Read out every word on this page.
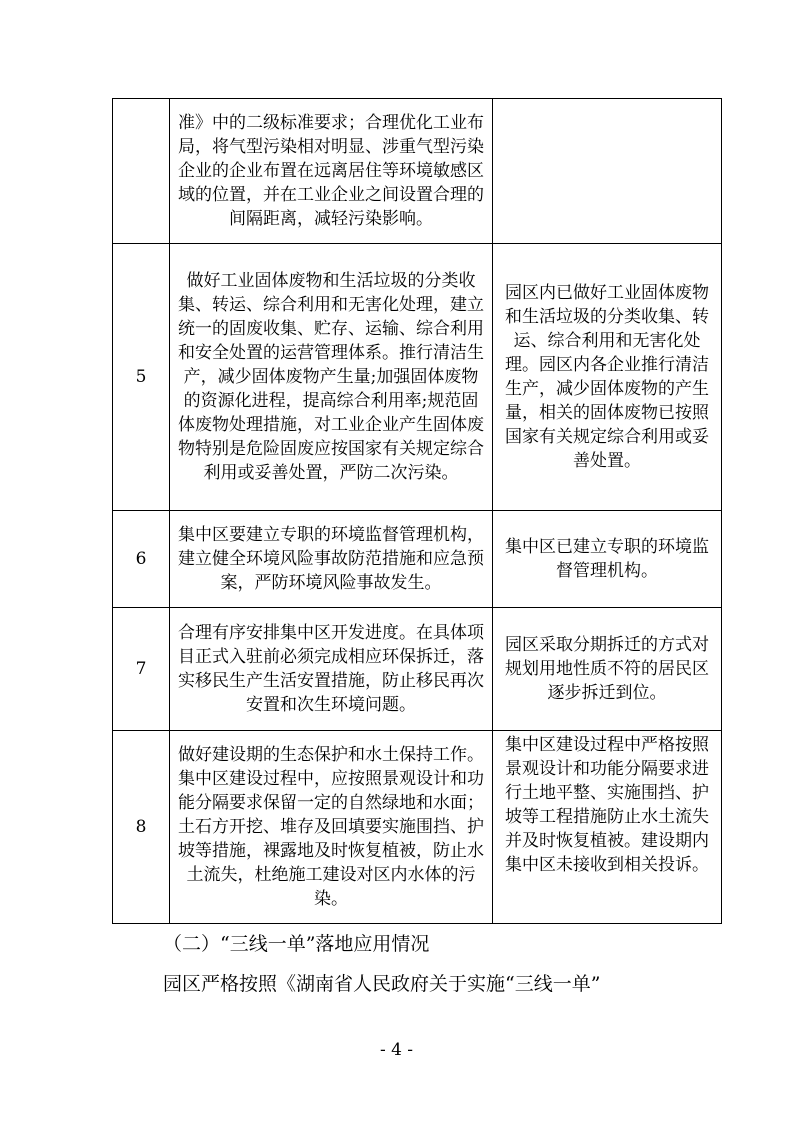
	准》中的二级标准要求；合理优化工业布局，将气型污染相对明显、涉重气型污染企业的企业布置在远离居住等环境敏感区域的位置，并在工业企业之间设置合理的间隔距离，减轻污染影响。	

5	做好工业固体废物和生活垃圾的分类收集、转运、综合利用和无害化处理，建立统一的固废收集、贮存、运输、综合利用和安全处置的运营管理体系。推行清洁生产，减少固体废物产生量;加强固体废物的资源化进程，提高综合利用率;规范固体废物处理措施，对工业企业产生固体废物特别是危险固废应按国家有关规定综合利用或妥善处置，严防二次污染。	园区内已做好工业固体废物和生活垃圾的分类收集、转运、综合利用和无害化处理。园区内各企业推行清洁生产，减少固体废物的产生量，相关的固体废物已按照国家有关规定综合利用或妥善处置。

6	集中区要建立专职的环境监督管理机构，建立健全环境风险事故防范措施和应急预案，严防环境风险事故发生。	集中区已建立专职的环境监督管理机构。

7	合理有序安排集中区开发进度。在具体项目正式入驻前必须完成相应环保拆迁，落实移民生产生活安置措施，防止移民再次安置和次生环境问题。	园区采取分期拆迁的方式对规划用地性质不符的居民区逐步拆迁到位。

8	做好建设期的生态保护和水土保持工作。集中区建设过程中，应按照景观设计和功能分隔要求保留一定的自然绿地和水面；土石方开挖、堆存及回填要实施围挡、护坡等措施，裸露地及时恢复植被，防止水土流失，杜绝施工建设对区内水体的污染。	集中区建设过程中严格按照景观设计和功能分隔要求进行土地平整、实施围挡、护坡等工程措施防止水土流失并及时恢复植被。建设期内集中区未接收到相关投诉。
（二）“三线一单”落地应用情况
园区严格按照《湖南省人民政府关于实施“三线一单”
- 4 -
